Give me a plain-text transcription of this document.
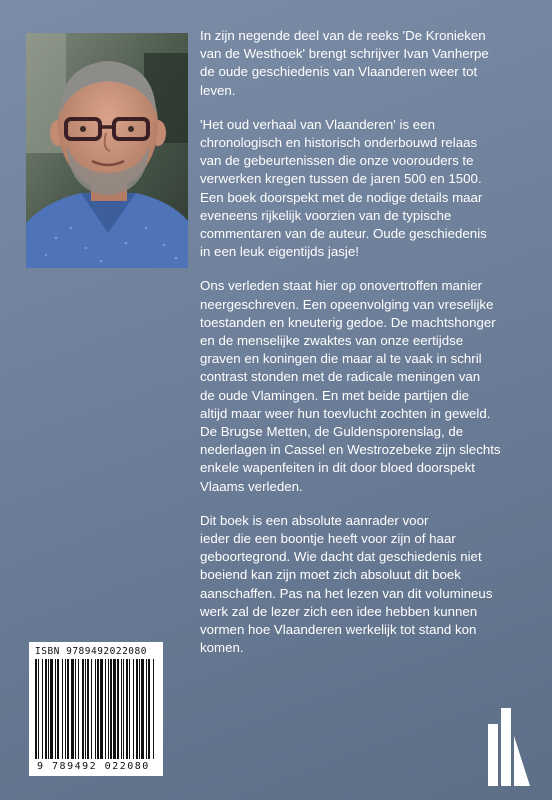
In zijn negende deel van de reeks 'De Kronieken
van de Westhoek' brengt schrijver Ivan Vanherpe
de oude geschiedenis van Vlaanderen weer tot
leven.

'Het oud verhaal van Vlaanderen' is een
chronologisch en historisch onderbouwd relaas
van de gebeurtenissen die onze voorouders te
verwerken kregen tussen de jaren 500 en 1500.
Een boek doorspekt met de nodige details maar
eveneens rijkelijk voorzien van de typische
commentaren van de auteur. Oude geschiedenis
in een leuk eigentijds jasje!

Ons verleden staat hier op onovertroffen manier
neergeschreven. Een opeenvolging van vreselijke
toestanden en kneuterig gedoe. De machtshonger
en de menselijke zwaktes van onze eertijdse
graven en koningen die maar al te vaak in schril
contrast stonden met de radicale meningen van
de oude Vlamingen. En met beide partijen die
altijd maar weer hun toevlucht zochten in geweld.
De Brugse Metten, de Guldensporenslag, de
nederlagen in Cassel en Westrozebeke zijn slechts
enkele wapenfeiten in dit door bloed doorspekt
Vlaams verleden.

Dit boek is een absolute aanrader voor
ieder die een boontje heeft voor zijn of haar
geboortegrond. Wie dacht dat geschiedenis niet
boeiend kan zijn moet zich absoluut dit boek
aanschaffen. Pas na het lezen van dit volumineus
werk zal de lezer zich een idee hebben kunnen
vormen hoe Vlaanderen werkelijk tot stand kon
komen.

ISBN 9789492022080
9 789492 022080
